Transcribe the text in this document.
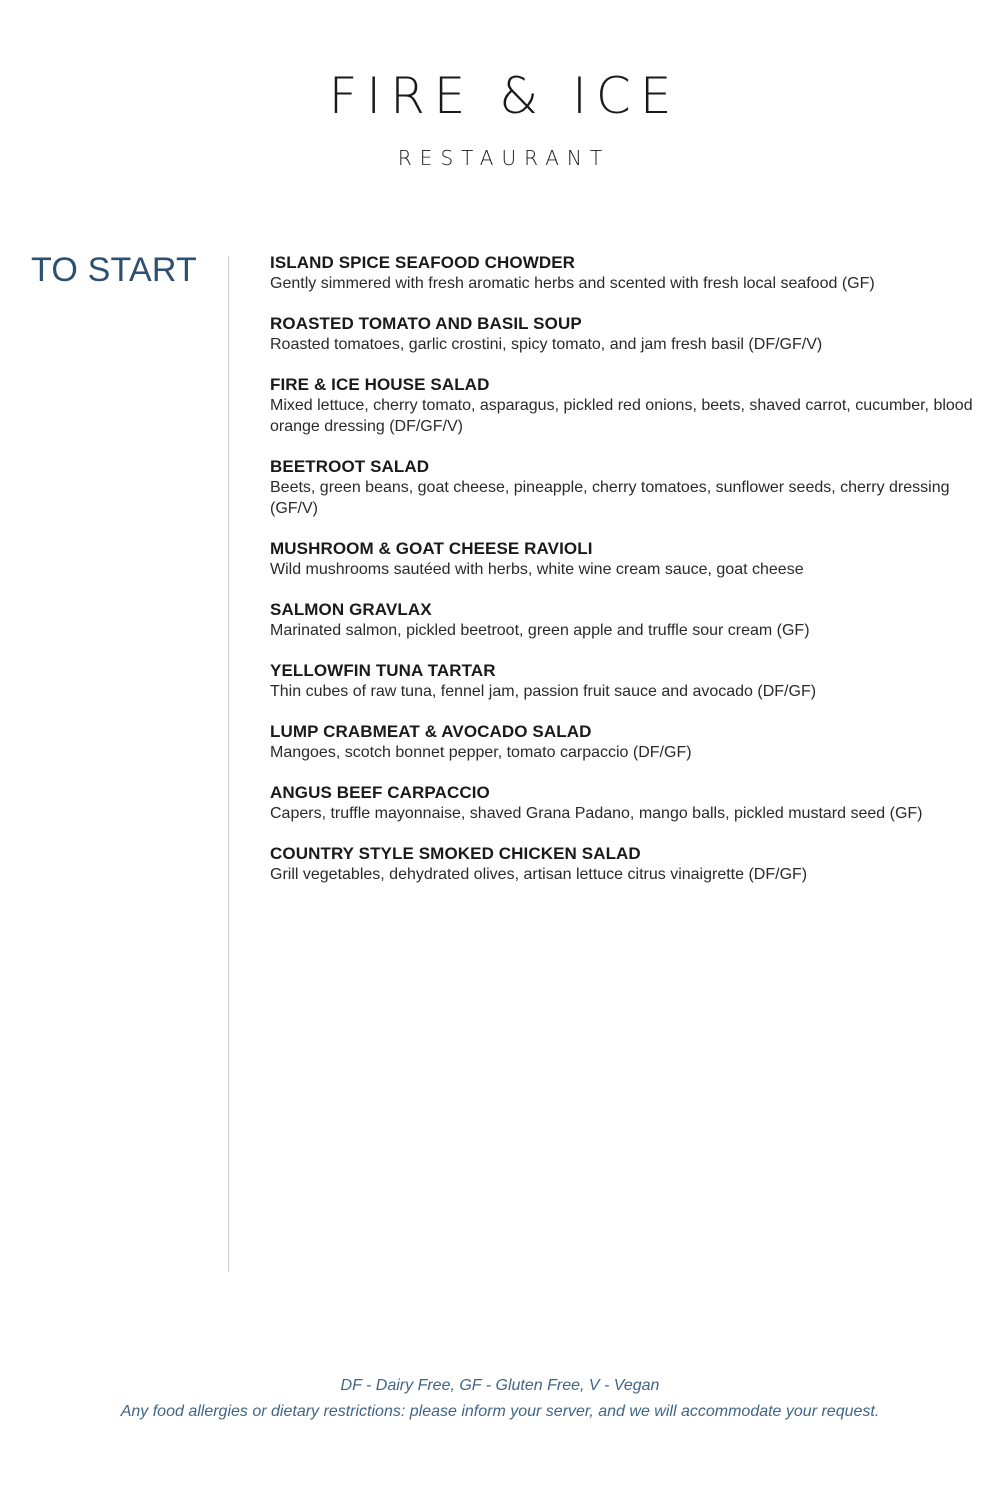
FIRE & ICE
RESTAURANT
TO START	ISLAND SPICE SEAFOOD CHOWDER
Gently simmered with fresh aromatic herbs and scented with fresh local seafood (GF)
ROASTED TOMATO AND BASIL SOUP
Roasted tomatoes, garlic crostini, spicy tomato, and jam fresh basil (DF/GF/V)
FIRE & ICE HOUSE SALAD
Mixed lettuce, cherry tomato, asparagus, pickled red onions, beets, shaved carrot, cucumber, blood orange dressing (DF/GF/V)
BEETROOT SALAD
Beets, green beans, goat cheese, pineapple, cherry tomatoes, sunflower seeds, cherry dressing (GF/V)
MUSHROOM & GOAT CHEESE RAVIOLI
Wild mushrooms sautéed with herbs, white wine cream sauce, goat cheese
SALMON GRAVLAX
Marinated salmon, pickled beetroot, green apple and truffle sour cream (GF)
YELLOWFIN TUNA TARTAR
Thin cubes of raw tuna, fennel jam, passion fruit sauce and avocado (DF/GF)
LUMP CRABMEAT & AVOCADO SALAD
Mangoes, scotch bonnet pepper, tomato carpaccio (DF/GF)
ANGUS BEEF CARPACCIO
Capers, truffle mayonnaise, shaved Grana Padano, mango balls, pickled mustard seed (GF)
COUNTRY STYLE SMOKED CHICKEN SALAD
Grill vegetables, dehydrated olives, artisan lettuce citrus vinaigrette (DF/GF)
DF - Dairy Free, GF - Gluten Free, V - Vegan
Any food allergies or dietary restrictions: please inform your server, and we will accommodate your request.
